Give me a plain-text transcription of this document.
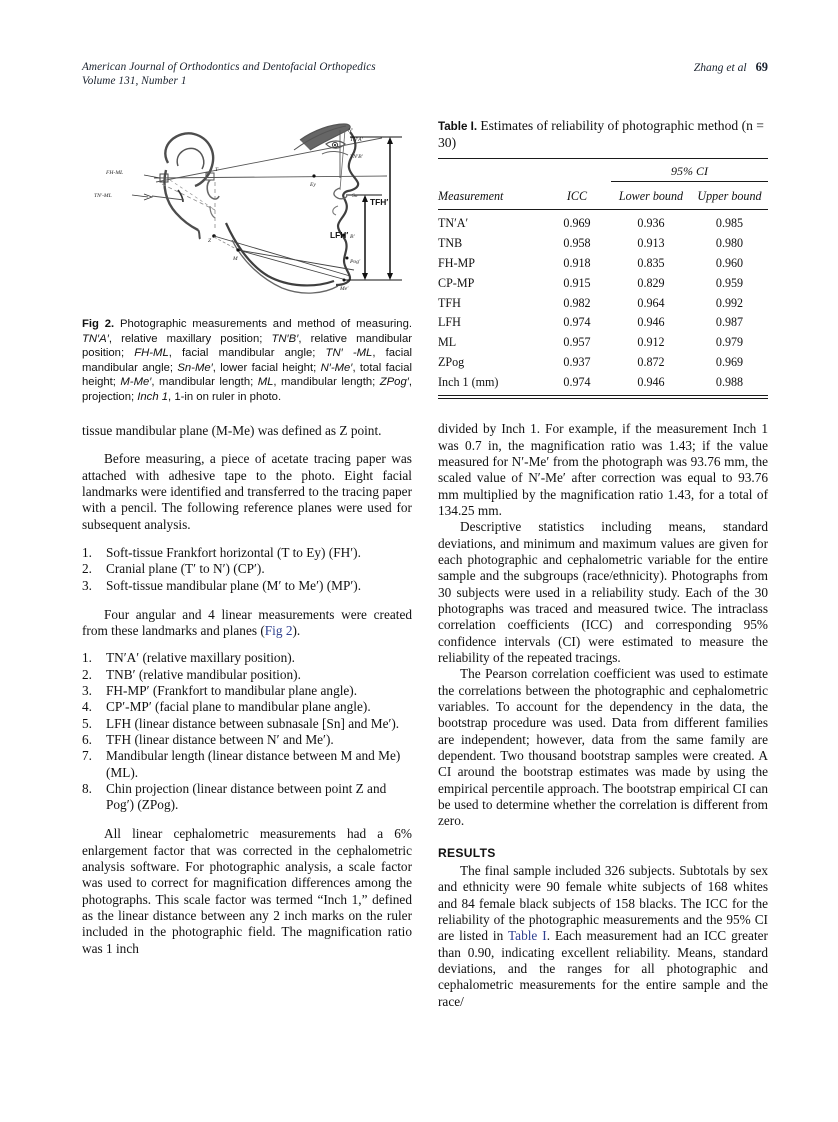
American Journal of Orthodontics and Dentofacial Orthopedics
Volume 131, Number 1
Zhang et al 69
FH-ML
TN′-ML
T
Z
M
Ey
N′
TN′A′
TN′B′
Sn
B′
Pog′
Me′
TFH′
LFH′
Fig 2. Photographic measurements and method of measuring. TN′A′, relative maxillary position; TN′B′, relative mandibular position; FH-ML, facial mandibular angle; TN′ -ML, facial mandibular angle; Sn-Me′, lower facial height; N′-Me′, total facial height; M-Me′, mandibular length; ML, mandibular length; ZPog′, projection; Inch 1, 1-in on ruler in photo.

tissue mandibular plane (M-Me) was defined as Z point.

Before measuring, a piece of acetate tracing paper was attached with adhesive tape to the photo. Eight facial landmarks were identified and transferred to the tracing paper with a pencil. The following reference planes were used for subsequent analysis.

1.	Soft-tissue Frankfort horizontal (T to Ey) (FH′).
2.	Cranial plane (T′ to N′) (CP′).
3.	Soft-tissue mandibular plane (M′ to Me′) (MP′).

Four angular and 4 linear measurements were created from these landmarks and planes (Fig 2).

1.	TN′A′ (relative maxillary position).
2.	TNB′ (relative mandibular position).
3.	FH-MP′ (Frankfort to mandibular plane angle).
4.	CP′-MP′ (facial plane to mandibular plane angle).
5.	LFH (linear distance between subnasale [Sn] and Me′).
6.	TFH (linear distance between N′ and Me′).
7.	Mandibular length (linear distance between M and Me) (ML).
8.	Chin projection (linear distance between point Z and Pog′) (ZPog).

All linear cephalometric measurements had a 6% enlargement factor that was corrected in the cephalometric analysis software. For photographic analysis, a scale factor was used to correct for magnification differences among the photographs. This scale factor was termed “Inch 1,” defined as the linear distance between any 2 inch marks on the ruler included in the photographic field. The magnification ratio was 1 inch

Table I. Estimates of reliability of photographic method (n = 30)

		95% CI	
Measurement	ICC	Lower bound	Upper bound

TN′A′	0.969	0.936	0.985
TNB	0.958	0.913	0.980
FH-MP	0.918	0.835	0.960
CP-MP	0.915	0.829	0.959
TFH	0.982	0.964	0.992
LFH	0.974	0.946	0.987
ML	0.957	0.912	0.979
ZPog	0.937	0.872	0.969
Inch 1 (mm)	0.974	0.946	0.988

divided by Inch 1. For example, if the measurement Inch 1 was 0.7 in, the magnification ratio was 1.43; if the value measured for N′-Me′ from the photograph was 93.76 mm, the scaled value of N′-Me′ after correction was equal to 93.76 mm multiplied by the magnification ratio 1.43, for a total of 134.25 mm.

Descriptive statistics including means, standard deviations, and minimum and maximum values are given for each photographic and cephalometric variable for the entire sample and the subgroups (race/ethnicity). Photographs from 30 subjects were used in a reliability study. Each of the 30 photographs was traced and measured twice. The intraclass correlation coefficients (ICC) and corresponding 95% confidence intervals (CI) were estimated to measure the reliability of the repeated tracings.

The Pearson correlation coefficient was used to estimate the correlations between the photographic and cephalometric variables. To account for the dependency in the data, the bootstrap procedure was used. Data from different families are independent; however, data from the same family are dependent. Two thousand bootstrap samples were created. A CI around the bootstrap estimates was made by using the empirical percentile approach. The bootstrap empirical CI can be used to determine whether the correlation is different from zero.

RESULTS

The final sample included 326 subjects. Subtotals by sex and ethnicity were 90 female white subjects of 168 whites and 84 female black subjects of 158 blacks. The ICC for the reliability of the photographic measurements and the 95% CI are listed in Table I. Each measurement had an ICC greater than 0.90, indicating excellent reliability. Means, standard deviations, and the ranges for all photographic and cephalometric measurements for the entire sample and the race/
